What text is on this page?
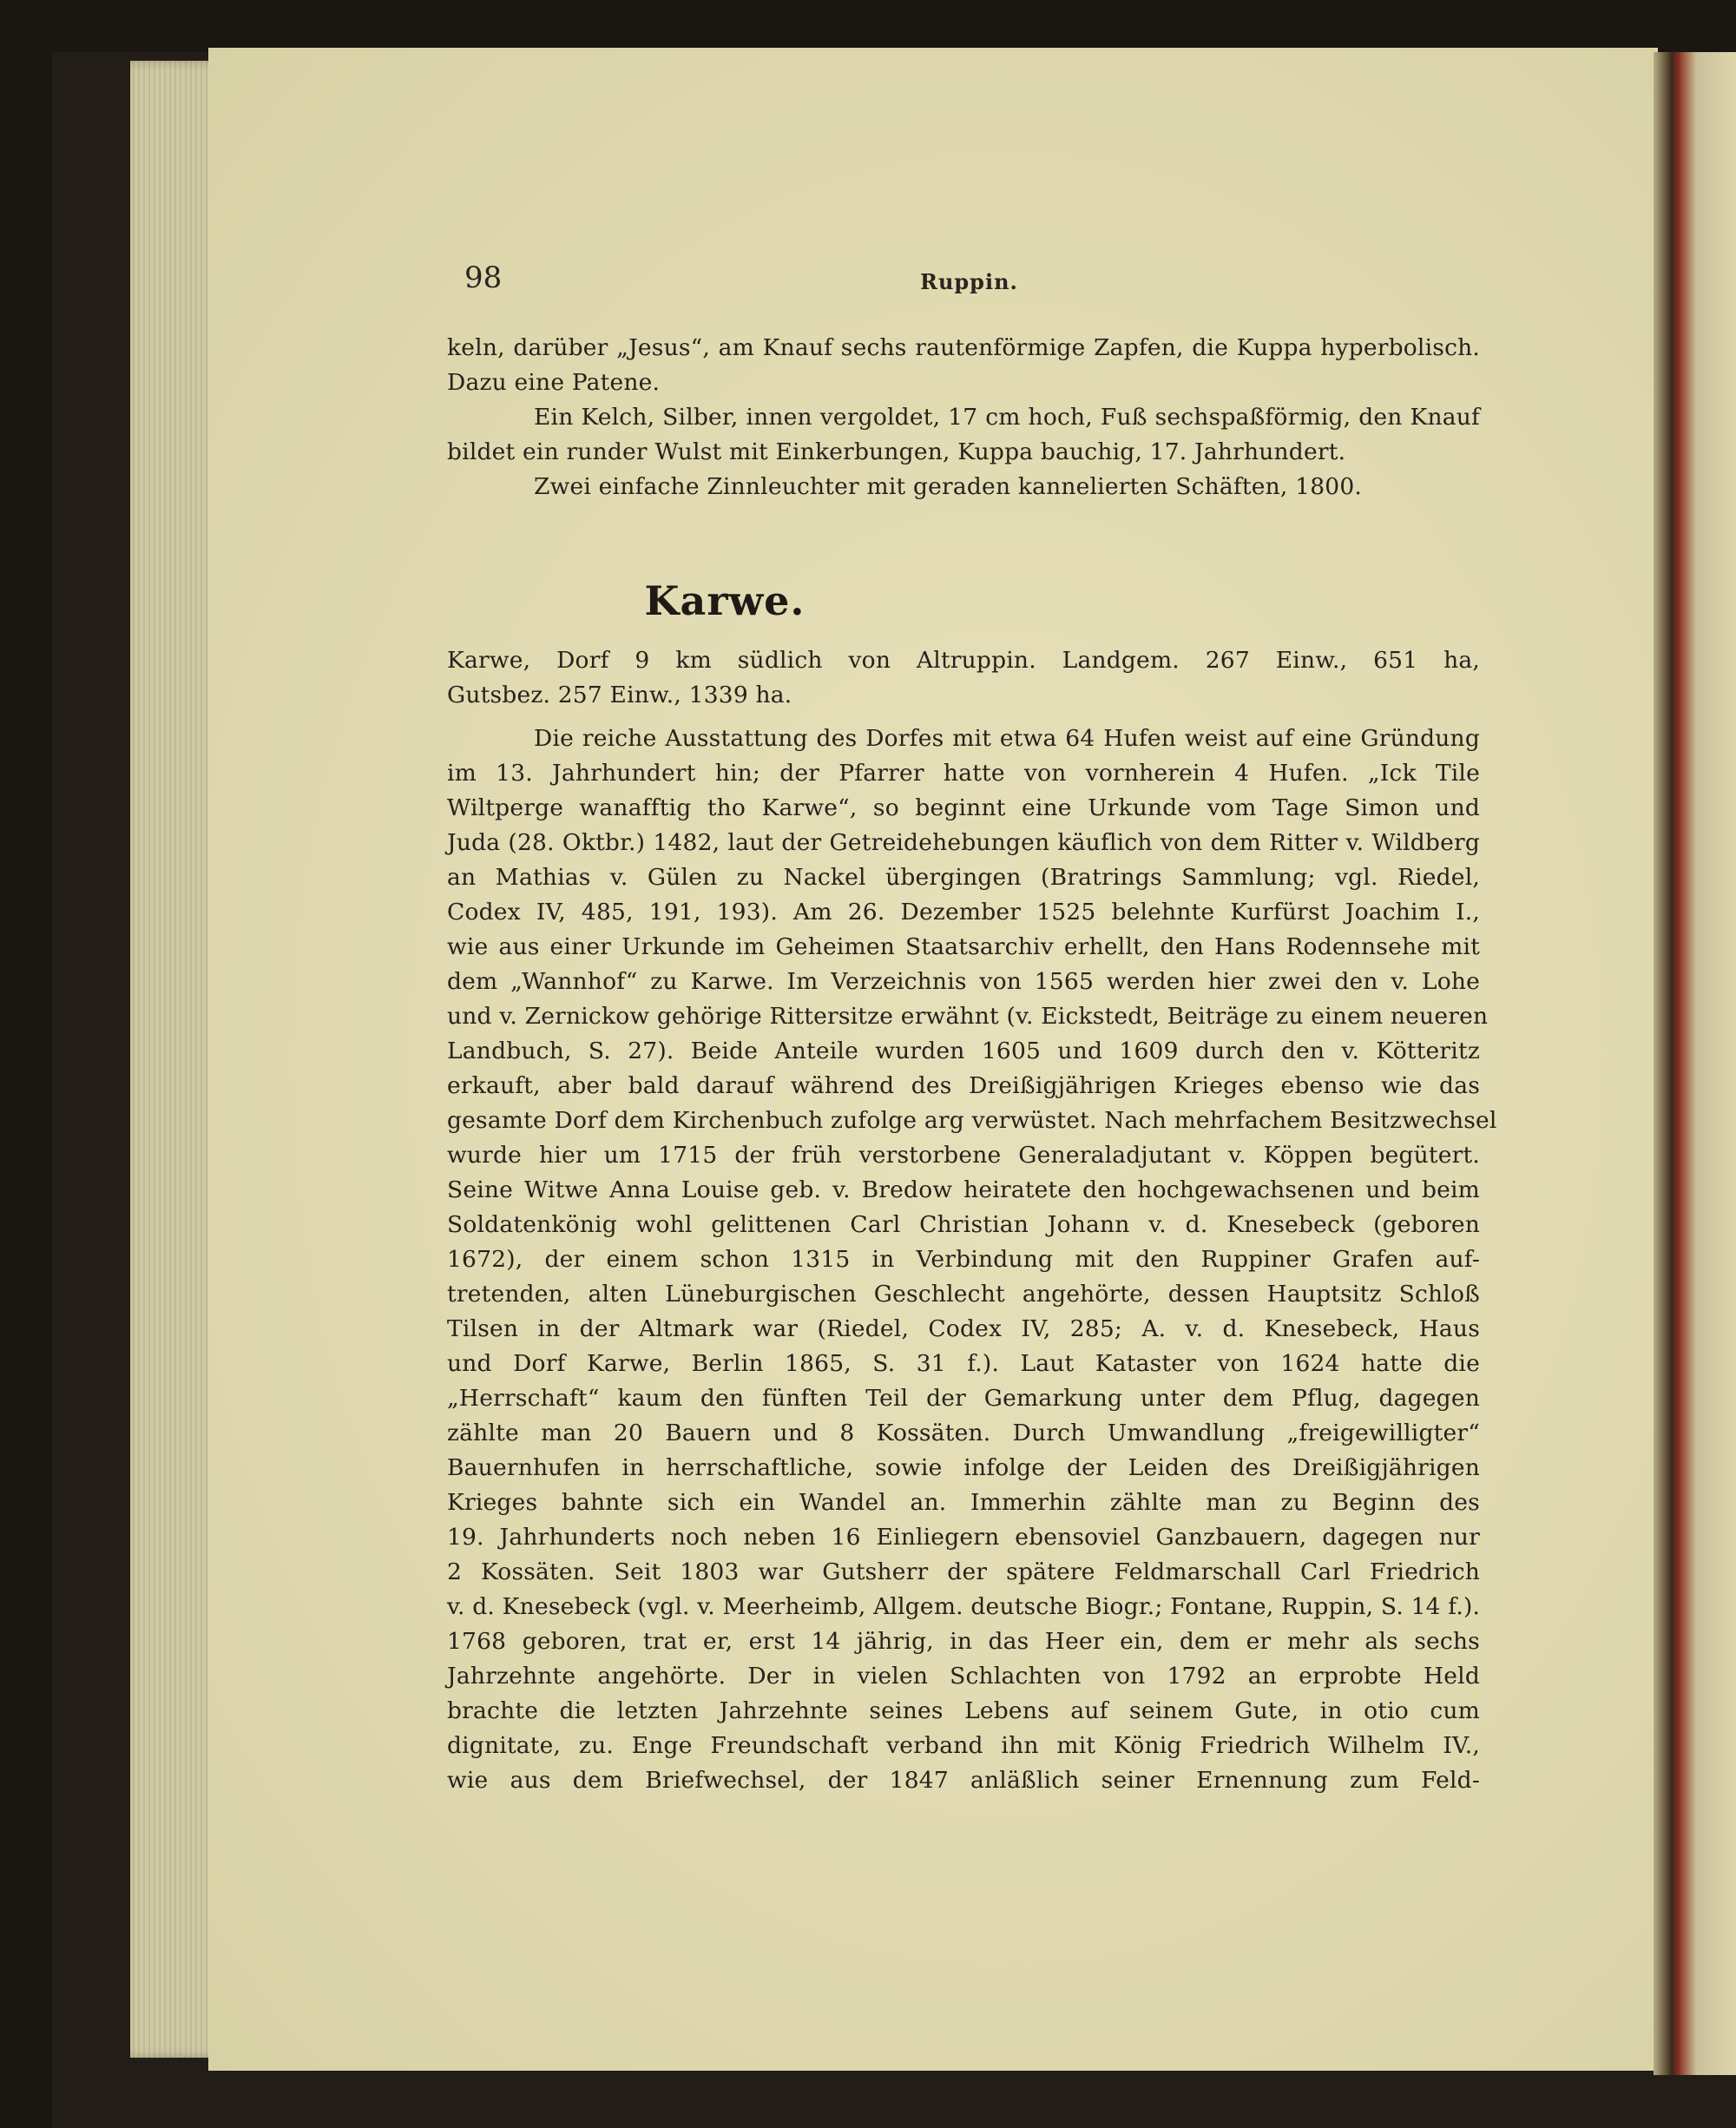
98	Ruppin.
keln, darüber „Jesus“, am Knauf sechs rautenförmige Zapfen, die Kuppa hyperbolisch.
Dazu eine Patene.
Ein Kelch, Silber, innen vergoldet, 17 cm hoch, Fuß sechspaßförmig, den Knauf
bildet ein runder Wulst mit Einkerbungen, Kuppa bauchig, 17. Jahrhundert.
Zwei einfache Zinnleuchter mit geraden kannelierten Schäften, 1800.
Karwe, Dorf 9 km südlich von Altruppin. Landgem. 267 Einw., 651 ha,
Gutsbez. 257 Einw., 1339 ha.
Die reiche Ausstattung des Dorfes mit etwa 64 Hufen weist auf eine Gründung
im 13. Jahrhundert hin; der Pfarrer hatte von vornherein 4 Hufen. „Ick Tile
Wiltperge wanafftig tho Karwe“, so beginnt eine Urkunde vom Tage Simon und
Juda (28. Oktbr.) 1482, laut der Getreidehebungen käuflich von dem Ritter v. Wildberg
an Mathias v. Gülen zu Nackel übergingen (Bratrings Sammlung; vgl. Riedel,
Codex IV, 485, 191, 193). Am 26. Dezember 1525 belehnte Kurfürst Joachim I.,
wie aus einer Urkunde im Geheimen Staatsarchiv erhellt, den Hans Rodennsehe mit
dem „Wannhof“ zu Karwe. Im Verzeichnis von 1565 werden hier zwei den v. Lohe
und v. Zernickow gehörige Rittersitze erwähnt (v. Eickstedt, Beiträge zu einem neueren
Landbuch, S. 27). Beide Anteile wurden 1605 und 1609 durch den v. Kötteritz
erkauft, aber bald darauf während des Dreißigjährigen Krieges ebenso wie das
gesamte Dorf dem Kirchenbuch zufolge arg verwüstet. Nach mehrfachem Besitzwechsel
wurde hier um 1715 der früh verstorbene Generaladjutant v. Köppen begütert.
Seine Witwe Anna Louise geb. v. Bredow heiratete den hochgewachsenen und beim
Soldatenkönig wohl gelittenen Carl Christian Johann v. d. Knesebeck (geboren
1672), der einem schon 1315 in Verbindung mit den Ruppiner Grafen auf-
tretenden, alten Lüneburgischen Geschlecht angehörte, dessen Hauptsitz Schloß
Tilsen in der Altmark war (Riedel, Codex IV, 285; A. v. d. Knesebeck, Haus
und Dorf Karwe, Berlin 1865, S. 31 f.). Laut Kataster von 1624 hatte die
„Herrschaft“ kaum den fünften Teil der Gemarkung unter dem Pflug, dagegen
zählte man 20 Bauern und 8 Kossäten. Durch Umwandlung „freigewilligter“
Bauernhufen in herrschaftliche, sowie infolge der Leiden des Dreißigjährigen
Krieges bahnte sich ein Wandel an. Immerhin zählte man zu Beginn des
19. Jahrhunderts noch neben 16 Einliegern ebensoviel Ganzbauern, dagegen nur
2 Kossäten. Seit 1803 war Gutsherr der spätere Feldmarschall Carl Friedrich
v. d. Knesebeck (vgl. v. Meerheimb, Allgem. deutsche Biogr.; Fontane, Ruppin, S. 14 f.).
1768 geboren, trat er, erst 14 jährig, in das Heer ein, dem er mehr als sechs
Jahrzehnte angehörte. Der in vielen Schlachten von 1792 an erprobte Held
brachte die letzten Jahrzehnte seines Lebens auf seinem Gute, in otio cum
dignitate, zu. Enge Freundschaft verband ihn mit König Friedrich Wilhelm IV.,
wie aus dem Briefwechsel, der 1847 anläßlich seiner Ernennung zum Feld-
Karwe.
